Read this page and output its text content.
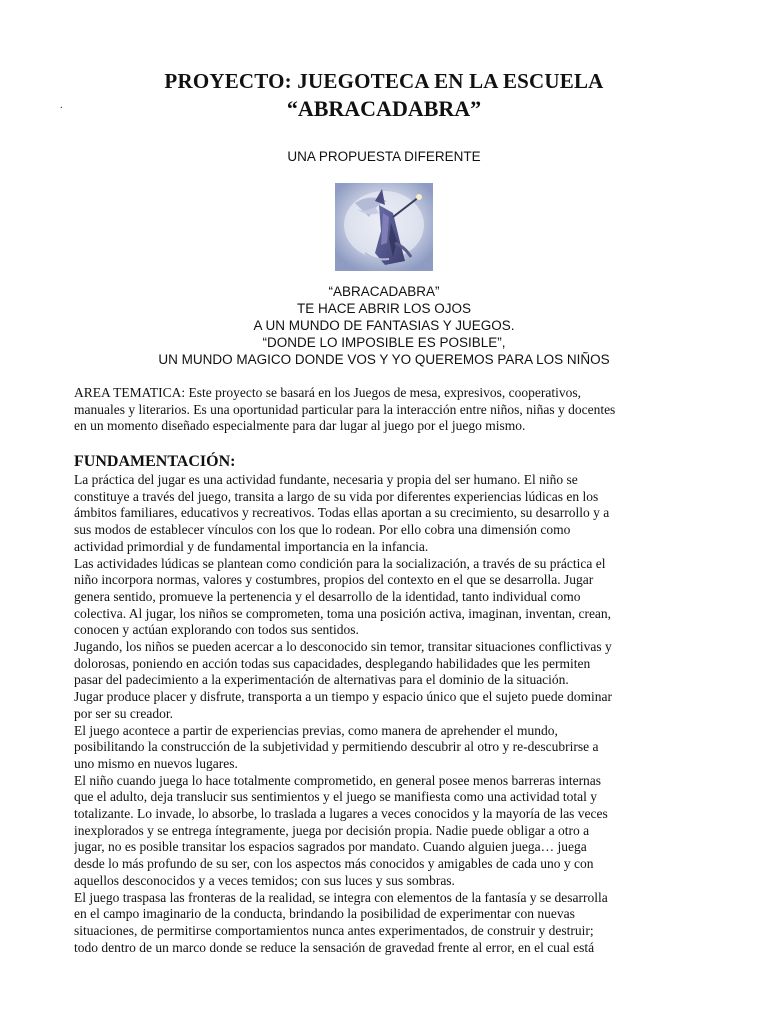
.
PROYECTO: JUEGOTECA EN LA ESCUELA
“ABRACADABRA”
UNA PROPUESTA DIFERENTE
“ABRACADABRA”
TE HACE ABRIR LOS OJOS
A UN MUNDO DE FANTASIAS Y JUEGOS.
“DONDE LO IMPOSIBLE ES POSIBLE”,
UN MUNDO MAGICO DONDE VOS Y YO QUEREMOS PARA LOS NIÑOS
AREA TEMATICA: Este proyecto se basará en los Juegos de mesa, expresivos, cooperativos,
manuales y literarios. Es una oportunidad particular para la interacción entre niños, niñas y docentes
en un momento diseñado especialmente para dar lugar al juego por el juego mismo.
FUNDAMENTACIÓN:
La práctica del jugar es una actividad fundante, necesaria y propia del ser humano. El niño se
constituye a través del juego, transita a largo de su vida por diferentes experiencias lúdicas en los
ámbitos familiares, educativos y recreativos. Todas ellas aportan a su crecimiento, su desarrollo y a
sus modos de establecer vínculos con los que lo rodean. Por ello cobra una dimensión como
actividad primordial y de fundamental importancia en la infancia.
Las actividades lúdicas se plantean como condición para la socialización, a través de su práctica el
niño incorpora normas, valores y costumbres, propios del contexto en el que se desarrolla. Jugar
genera sentido, promueve la pertenencia y el desarrollo de la identidad, tanto individual como
colectiva. Al jugar, los niños se comprometen, toma una posición activa, imaginan, inventan, crean,
conocen y actúan explorando con todos sus sentidos.
Jugando, los niños se pueden acercar a lo desconocido sin temor, transitar situaciones conflictivas y
dolorosas, poniendo en acción todas sus capacidades, desplegando habilidades que les permiten
pasar del padecimiento a la experimentación de alternativas para el dominio de la situación.
Jugar produce placer y disfrute, transporta a un tiempo y espacio único que el sujeto puede dominar
por ser su creador.
El juego acontece a partir de experiencias previas, como manera de aprehender el mundo,
posibilitando la construcción de la subjetividad y permitiendo descubrir al otro y re-descubrirse a
uno mismo en nuevos lugares.
El niño cuando juega lo hace totalmente comprometido, en general posee menos barreras internas
que el adulto, deja translucir sus sentimientos y el juego se manifiesta como una actividad total y
totalizante. Lo invade, lo absorbe, lo traslada a lugares a veces conocidos y la mayoría de las veces
inexplorados y se entrega íntegramente, juega por decisión propia. Nadie puede obligar a otro a
jugar, no es posible transitar los espacios sagrados por mandato. Cuando alguien juega… juega
desde lo más profundo de su ser, con los aspectos más conocidos y amigables de cada uno y con
aquellos desconocidos y a veces temidos; con sus luces y sus sombras.
El juego traspasa las fronteras de la realidad, se integra con elementos de la fantasía y se desarrolla
en el campo imaginario de la conducta, brindando la posibilidad de experimentar con nuevas
situaciones, de permitirse comportamientos nunca antes experimentados, de construir y destruir;
todo dentro de un marco donde se reduce la sensación de gravedad frente al error, en el cual está
